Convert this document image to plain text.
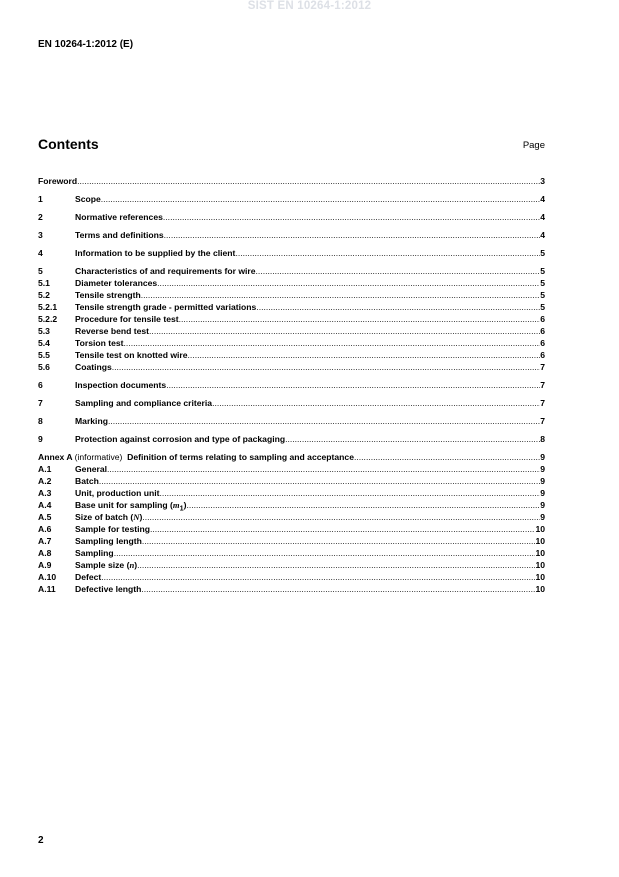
SIST EN 10264-1:2012
EN 10264-1:2012 (E)
Contents	Page
Foreword .....	3
1	Scope .....	4
2	Normative references .....	4
3	Terms and definitions .....	4
4	Information to be supplied by the client .....	5
5	Characteristics of and requirements for wire .....	5
5.1	Diameter tolerances .....	5
5.2	Tensile strength .....	5
5.2.1	Tensile strength grade - permitted variations .....	5
5.2.2	Procedure for tensile test .....	6
5.3	Reverse bend test .....	6
5.4	Torsion test .....	6
5.5	Tensile test on knotted wire .....	6
5.6	Coatings .....	7
6	Inspection documents .....	7
7	Sampling and compliance criteria .....	7
8	Marking .....	7
9	Protection against corrosion and type of packaging .....	8
Annex A (informative) Definition of terms relating to sampling and acceptance .....	9
A.1	General .....	9
A.2	Batch .....	9
A.3	Unit, production unit .....	9
A.4	Base unit for sampling $(m_1)$ .....	9
A.5	Size of batch (N) .....	9
A.6	Sample for testing .....	10
A.7	Sampling length .....	10
A.8	Sampling .....	10
A.9	Sample size (n) .....	10
A.10	Defect .....	10
A.11	Defective length .....	10
2
